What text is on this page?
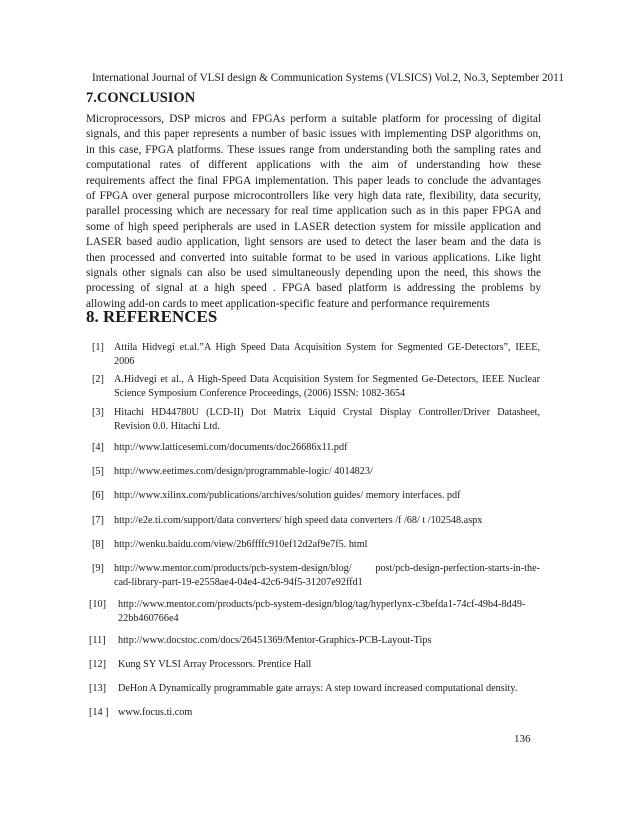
International Journal of VLSI design & Communication Systems (VLSICS) Vol.2, No.3, September 2011
7.CONCLUSION
Microprocessors, DSP micros and FPGAs perform a suitable platform for processing of digital
signals, and this paper represents a number of basic issues with implementing DSP algorithms on,
in this case, FPGA platforms. These issues range from understanding both the sampling rates and
computational rates of different applications with the aim of understanding how these
requirements affect the final FPGA implementation. This paper leads to conclude the advantages
of FPGA over general purpose microcontrollers like very high data rate, flexibility, data security,
parallel processing which are necessary for real time application such as in this paper FPGA and
some of high speed peripherals are used in LASER detection system for missile application and
LASER based audio application, light sensors are used to detect the laser beam and the data is
then processed and converted into suitable format to be used in various applications. Like light
signals other signals can also be used simultaneously depending upon the need, this shows the
processing of signal at a high speed . FPGA based platform is addressing the problems by
allowing add-on cards to meet application-specific feature and performance requirements
8. REFERENCES
[1] Attila Hidvegi et.al.”A High Speed Data Acquisition System for Segmented GE-Detectors”, IEEE,
2006
[2] A.Hidvegi et al., A High-Speed Data Acquisition System for Segmented Ge-Detectors, IEEE Nuclear
Science Symposium Conference Proceedings, (2006) ISSN: 1082-3654
[3] Hitachi HD44780U (LCD-II) Dot Matrix Liquid Crystal Display Controller/Driver Datasheet,
Revision 0.0. Hitachi Ltd.
[4] http://www.latticesemi.com/documents/doc26686x11.pdf
[5] http://www.eetimes.com/design/programmable-logic/ 4014823/
[6] http://www.xilinx.com/publications/archives/solution guides/ memory interfaces. pdf
[7] http://e2e.ti.com/support/data converters/ high speed data converters /f /68/ t /102548.aspx
[8] http://wenku.baidu.com/view/2b6ffffc910ef12d2af9e7f5. html
[9] http://www.mentor.com/products/pcb-system-design/blog/ post/pcb-design-perfection-starts-in-the-
cad-library-part-19-e2558ae4-04e4-42c6-94f5-31207e92ffd1
[10]	http://www.mentor.com/products/pcb-system-design/blog/tag/hyperlynx-c3befda1-74cf-49b4-8d49-
22bb460766e4
[11]	http://www.docstoc.com/docs/26451369/Mentor-Graphics-PCB-Layout-Tips
[12]	Kung SY VLSI Array Processors. Prentice Hall
[13]	DeHon A Dynamically programmable gate arrays: A step toward increased computational density.
[14 ] www.focus.ti.com
136
